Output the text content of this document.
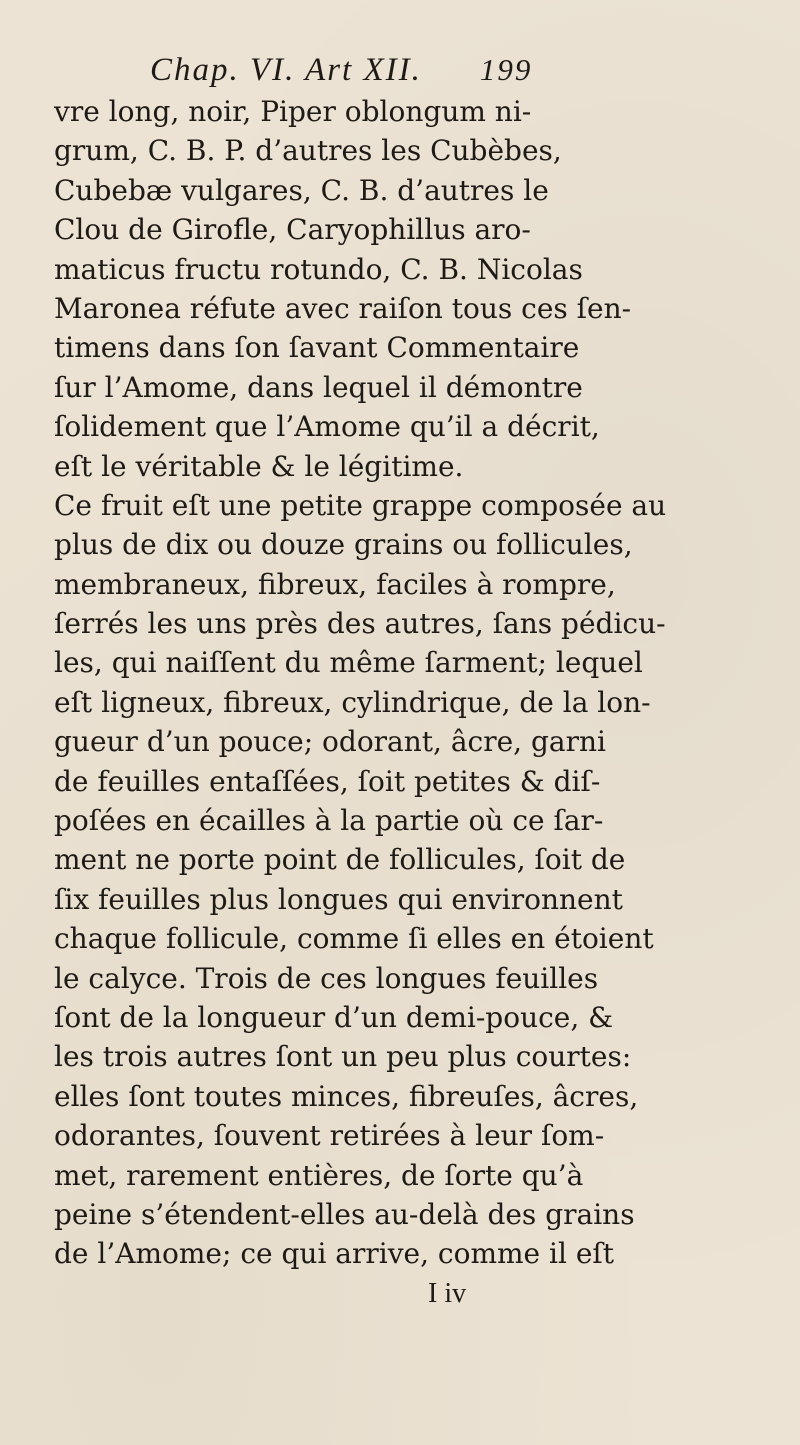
Chap. VI. Art XII. 199
vre long, noir, Piper oblongum ni-
grum, C. B. P. d’autres les Cubèbes,
Cubebæ vulgares, C. B. d’autres le
Clou de Girofle, Caryophillus aro-
maticus fructu rotundo, C. B. Nicolas
Maronea réfute avec raiſon tous ces ſen-
timens dans ſon ſavant Commentaire
ſur l’Amome, dans lequel il démontre
ſolidement que l’Amome qu’il a décrit,
eſt le véritable & le légitime.
Ce fruit eſt une petite grappe composée au
plus de dix ou douze grains ou follicules,
membraneux, fibreux, faciles à rompre,
ſerrés les uns près des autres, ſans pédicu-
les, qui naiſſent du même ſarment; lequel
eſt ligneux, fibreux, cylindrique, de la lon-
gueur d’un pouce; odorant, âcre, garni
de feuilles entaſſées, ſoit petites & diſ-
poſées en écailles à la partie où ce ſar-
ment ne porte point de follicules, ſoit de
ſix feuilles plus longues qui environnent
chaque follicule, comme ſi elles en étoient
le calyce. Trois de ces longues feuilles
ſont de la longueur d’un demi-pouce, &
les trois autres ſont un peu plus courtes:
elles ſont toutes minces, fibreuſes, âcres,
odorantes, ſouvent retirées à leur ſom-
met, rarement entières, de ſorte qu’à
peine s’étendent-elles au-delà des grains
de l’Amome; ce qui arrive, comme il eſt
I iv
